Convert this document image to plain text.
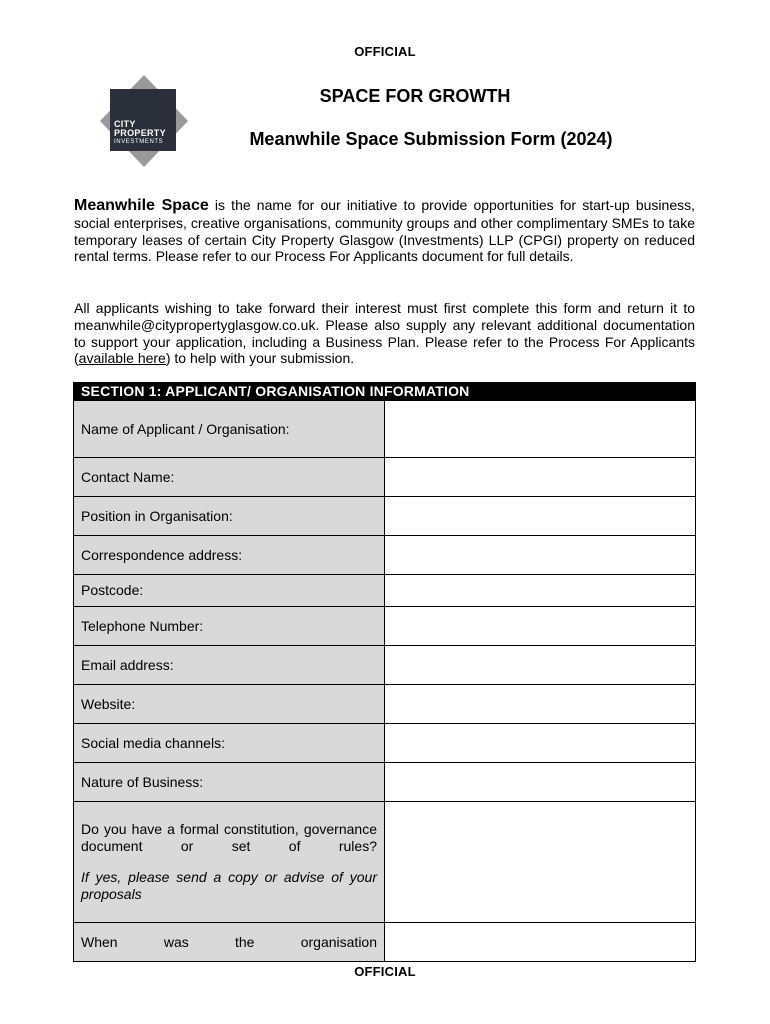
OFFICIAL
CITY
PROPERTY
INVESTMENTS
SPACE FOR GROWTH
Meanwhile Space Submission Form (2024)
Meanwhile Space is the name for our initiative to provide opportunities for start-up business, social enterprises, creative organisations, community groups and other complimentary SMEs to take temporary leases of certain City Property Glasgow (Investments) LLP (CPGI) property on reduced rental terms. Please refer to our Process For Applicants document for full details.
All applicants wishing to take forward their interest must first complete this form and return it to meanwhile@citypropertyglasgow.co.uk. Please also supply any relevant additional documentation to support your application, including a Business Plan. Please refer to the Process For Applicants (available here) to help with your submission.
SECTION 1: APPLICANT/ ORGANISATION INFORMATION	
Name of Applicant / Organisation:	
Contact Name:	
Position in Organisation:	
Correspondence address:	
Postcode:	
Telephone Number:	
Email address:	
Website:	
Social media channels:	
Nature of Business:	

Do you have a formal constitution, governance document or set of rules?
If yes, please send a copy or advise of your proposals	

When was the organisation	

OFFICIAL
